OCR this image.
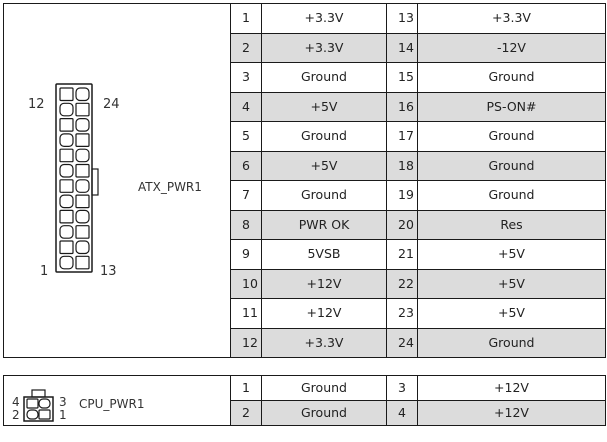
12 24
1 13
ATX_PWR1	1	+3.3V	13	+3.3V
	2	+3.3V	14	-12V
	3	Ground	15	Ground
	4	+5V	16	PS-ON#
	5	Ground	17	Ground
	6	+5V	18	Ground
	7	Ground	19	Ground
	8	PWR OK	20	Res
	9	5VSB	21	+5V
	10	+12V	22	+5V
	11	+12V	23	+5V
	12	+3.3V	24	Ground
4 3
2 1
CPU_PWR1	1	Ground	3	+12V
	2	Ground	4	+12V
